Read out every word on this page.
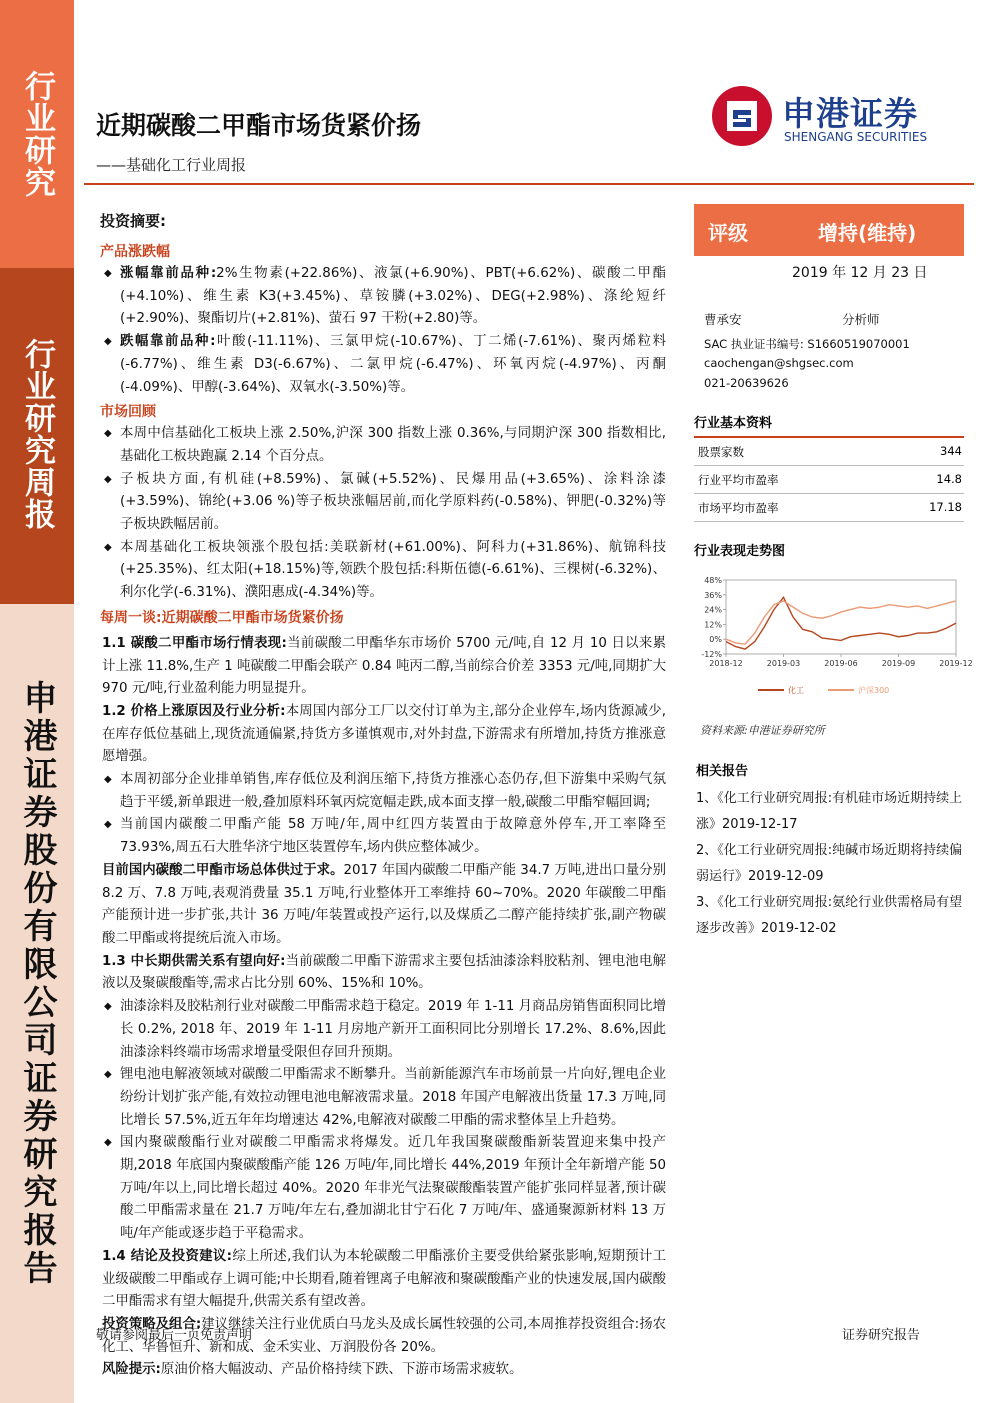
行业研究
行业研究周报
申港证券股份有限公司证券研究报告
近期碳酸二甲酯市场货紧价扬
——基础化工行业周报
申港证券
SHENGANG SECURITIES
投资摘要:
产品涨跌幅
◆ 涨幅靠前品种:2%生物素(+22.86%)、液氯(+6.90%)、PBT(+6.62%)、碳酸二甲酯(+4.10%)、维生素 K3(+3.45%)、草铵膦(+3.02%)、DEG(+2.98%)、涤纶短纤(+2.90%)、聚酯切片(+2.81%)、萤石 97 干粉(+2.80)等。
◆ 跌幅靠前品种:叶酸(-11.11%)、三氯甲烷(-10.67%)、丁二烯(-7.61%)、聚丙烯粒料(-6.77%)、维生素 D3(-6.67%)、二氯甲烷(-6.47%)、环氧丙烷(-4.97%)、丙酮(-4.09%)、甲醇(-3.64%)、双氧水(-3.50%)等。
市场回顾
◆ 本周中信基础化工板块上涨 2.50%,沪深 300 指数上涨 0.36%,与同期沪深 300 指数相比,基础化工板块跑赢 2.14 个百分点。
◆ 子板块方面,有机硅(+8.59%)、氯碱(+5.52%)、民爆用品(+3.65%)、涂料涂漆(+3.59%)、锦纶(+3.06 %)等子板块涨幅居前,而化学原料药(-0.58%)、钾肥(-0.32%)等子板块跌幅居前。
◆ 本周基础化工板块领涨个股包括:美联新材(+61.00%)、阿科力(+31.86%)、航锦科技(+25.35%)、红太阳(+18.15%)等,领跌个股包括:科斯伍德(-6.61%)、三棵树(-6.32%)、利尔化学(-6.31%)、濮阳惠成(-4.34%)等。
每周一谈:近期碳酸二甲酯市场货紧价扬
1.1 碳酸二甲酯市场行情表现:当前碳酸二甲酯华东市场价 5700 元/吨,自 12 月 10 日以来累计上涨 11.8%,生产 1 吨碳酸二甲酯会联产 0.84 吨丙二醇,当前综合价差 3353 元/吨,同期扩大 970 元/吨,行业盈利能力明显提升。
1.2 价格上涨原因及行业分析:本周国内部分工厂以交付订单为主,部分企业停车,场内货源减少,在库存低位基础上,现货流通偏紧,持货方多谨慎观市,对外封盘,下游需求有所增加,持货方推涨意愿增强。
◆ 本周初部分企业排单销售,库存低位及利润压缩下,持货方推涨心态仍存,但下游集中采购气氛趋于平缓,新单跟进一般,叠加原料环氧丙烷宽幅走跌,成本面支撑一般,碳酸二甲酯窄幅回调;
◆ 当前国内碳酸二甲酯产能 58 万吨/年,周中红四方装置由于故障意外停车,开工率降至 73.93%,周五石大胜华济宁地区装置停车,场内供应整体减少。
目前国内碳酸二甲酯市场总体供过于求。2017 年国内碳酸二甲酯产能 34.7 万吨,进出口量分别 8.2 万、7.8 万吨,表观消费量 35.1 万吨,行业整体开工率维持 60~70%。2020 年碳酸二甲酯产能预计进一步扩张,共计 36 万吨/年装置或投产运行,以及煤质乙二醇产能持续扩张,副产物碳酸二甲酯或将提统后流入市场。
1.3 中长期供需关系有望向好:当前碳酸二甲酯下游需求主要包括油漆涂料胶粘剂、锂电池电解液以及聚碳酸酯等,需求占比分别 60%、15%和 10%。
◆ 油漆涂料及胶粘剂行业对碳酸二甲酯需求趋于稳定。2019 年 1-11 月商品房销售面积同比增长 0.2%, 2018 年、2019 年 1-11 月房地产新开工面积同比分别增长 17.2%、8.6%,因此油漆涂料终端市场需求增量受限但存回升预期。
◆ 锂电池电解液领域对碳酸二甲酯需求不断攀升。当前新能源汽车市场前景一片向好,锂电企业纷纷计划扩张产能,有效拉动锂电池电解液需求量。2018 年国产电解液出货量 17.3 万吨,同比增长 57.5%,近五年年均增速达 42%,电解液对碳酸二甲酯的需求整体呈上升趋势。
◆ 国内聚碳酸酯行业对碳酸二甲酯需求将爆发。近几年我国聚碳酸酯新装置迎来集中投产期,2018 年底国内聚碳酸酯产能 126 万吨/年,同比增长 44%,2019 年预计全年新增产能 50 万吨/年以上,同比增长超过 40%。2020 年非光气法聚碳酸酯装置产能扩张同样显著,预计碳酸二甲酯需求量在 21.7 万吨/年左右,叠加湖北甘宁石化 7 万吨/年、盛通聚源新材料 13 万吨/年产能或逐步趋于平稳需求。
1.4 结论及投资建议:综上所述,我们认为本轮碳酸二甲酯涨价主要受供给紧张影响,短期预计工业级碳酸二甲酯或存上调可能;中长期看,随着锂离子电解液和聚碳酸酯产业的快速发展,国内碳酸二甲酯需求有望大幅提升,供需关系有望改善。
投资策略及组合:建议继续关注行业优质白马龙头及成长属性较强的公司,本周推荐投资组合:扬农化工、华鲁恒升、新和成、金禾实业、万润股份各 20%。
风险提示:原油价格大幅波动、产品价格持续下跌、下游市场需求疲软。
评级	增持(维持)
2019 年 12 月 23 日
曹承安	分析师
SAC 执业证书编号: S1660519070001
caochengan@shgsec.com
021-20639626
行业基本资料
股票家数	344
行业平均市盈率	14.8
市场平均市盈率	17.18
行业表现走势图
48%
36%
24%
12%
0%
-12%
2018-12	2019-03	2019-06	2019-09	2019-12
化工	沪深300
资料来源:申港证券研究所
相关报告
1、《化工行业研究周报:有机硅市场近期持续上涨》2019-12-17
2、《化工行业研究周报:纯碱市场近期将持续偏弱运行》2019-12-09
3、《化工行业研究周报:氨纶行业供需格局有望逐步改善》2019-12-02
敬请参阅最后一页免责声明	证券研究报告
